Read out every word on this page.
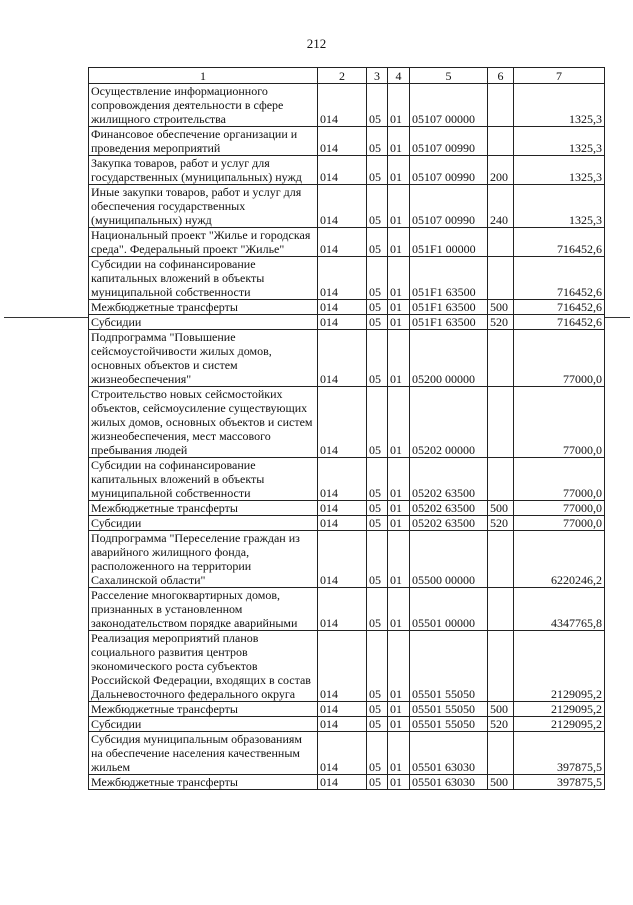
212
1	2	3	4	5	6	7
Осуществление информационного сопровождения деятельности в сфере жилищного строительства	014	05	01	05107 00000		1325,3
Финансовое обеспечение организации и проведения мероприятий	014	05	01	05107 00990		1325,3
Закупка товаров, работ и услуг для государственных (муниципальных) нужд	014	05	01	05107 00990	200	1325,3
Иные закупки товаров, работ и услуг для обеспечения государственных (муниципальных) нужд	014	05	01	05107 00990	240	1325,3
Национальный проект "Жилье и городская среда". Федеральный проект "Жилье"	014	05	01	051F1 00000		716452,6
Субсидии на софинансирование капитальных вложений в объекты муниципальной собственности	014	05	01	051F1 63500		716452,6
Межбюджетные трансферты	014	05	01	051F1 63500	500	716452,6
Субсидии	014	05	01	051F1 63500	520	716452,6
Подпрограмма "Повышение сейсмоустойчивости жилых домов, основных объектов и систем жизнеобеспечения"	014	05	01	05200 00000		77000,0
Строительство новых сейсмостойких объектов, сейсмоусиление существующих жилых домов, основных объектов и систем жизнеобеспечения, мест массового пребывания людей	014	05	01	05202 00000		77000,0
Субсидии на софинансирование капитальных вложений в объекты муниципальной собственности	014	05	01	05202 63500		77000,0
Межбюджетные трансферты	014	05	01	05202 63500	500	77000,0
Субсидии	014	05	01	05202 63500	520	77000,0
Подпрограмма "Переселение граждан из аварийного жилищного фонда, расположенного на территории Сахалинской области"	014	05	01	05500 00000		6220246,2
Расселение многоквартирных домов, признанных в установленном законодательством порядке аварийными	014	05	01	05501 00000		4347765,8
Реализация мероприятий планов социального развития центров экономического роста субъектов Российской Федерации, входящих в состав Дальневосточного федерального округа	014	05	01	05501 55050		2129095,2
Межбюджетные трансферты	014	05	01	05501 55050	500	2129095,2
Субсидии	014	05	01	05501 55050	520	2129095,2
Субсидия муниципальным образованиям на обеспечение населения качественным жильем	014	05	01	05501 63030		397875,5
Межбюджетные трансферты	014	05	01	05501 63030	500	397875,5
